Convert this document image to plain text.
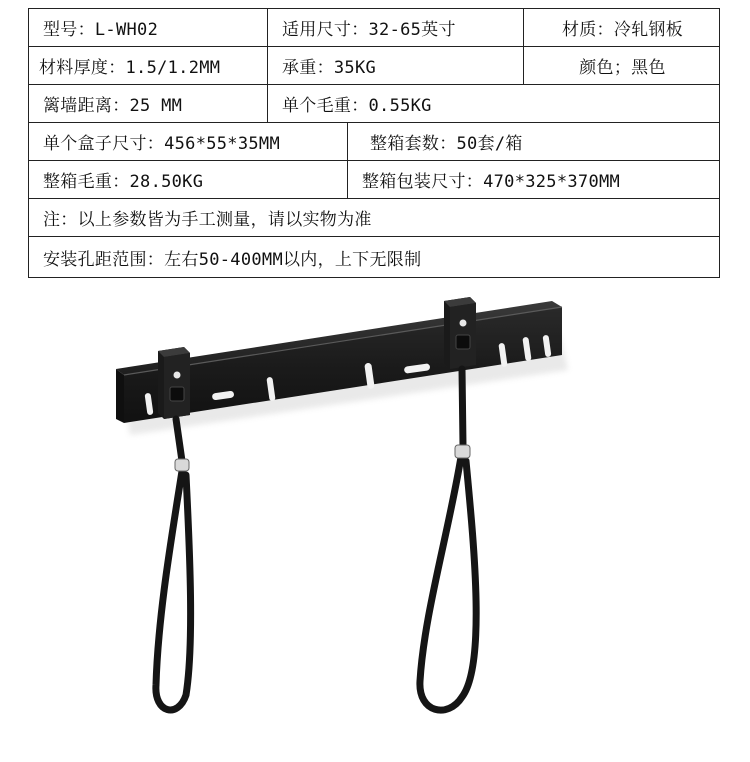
型号：L-WH02	适用尺寸：32-65英寸	材质：冷轧钢板
材料厚度：1.5/1.2MM	承重：35KG	颜色；黑色
篱墙距离：25 MM	单个毛重：0.55KG
单个盒子尺寸：456*55*35MM	整箱套数：50套/箱
整箱毛重：28.50KG	整箱包装尺寸：470*325*370MM
注：以上参数皆为手工测量，请以实物为准
安装孔距范围：左右50-400MM以内，上下无限制
